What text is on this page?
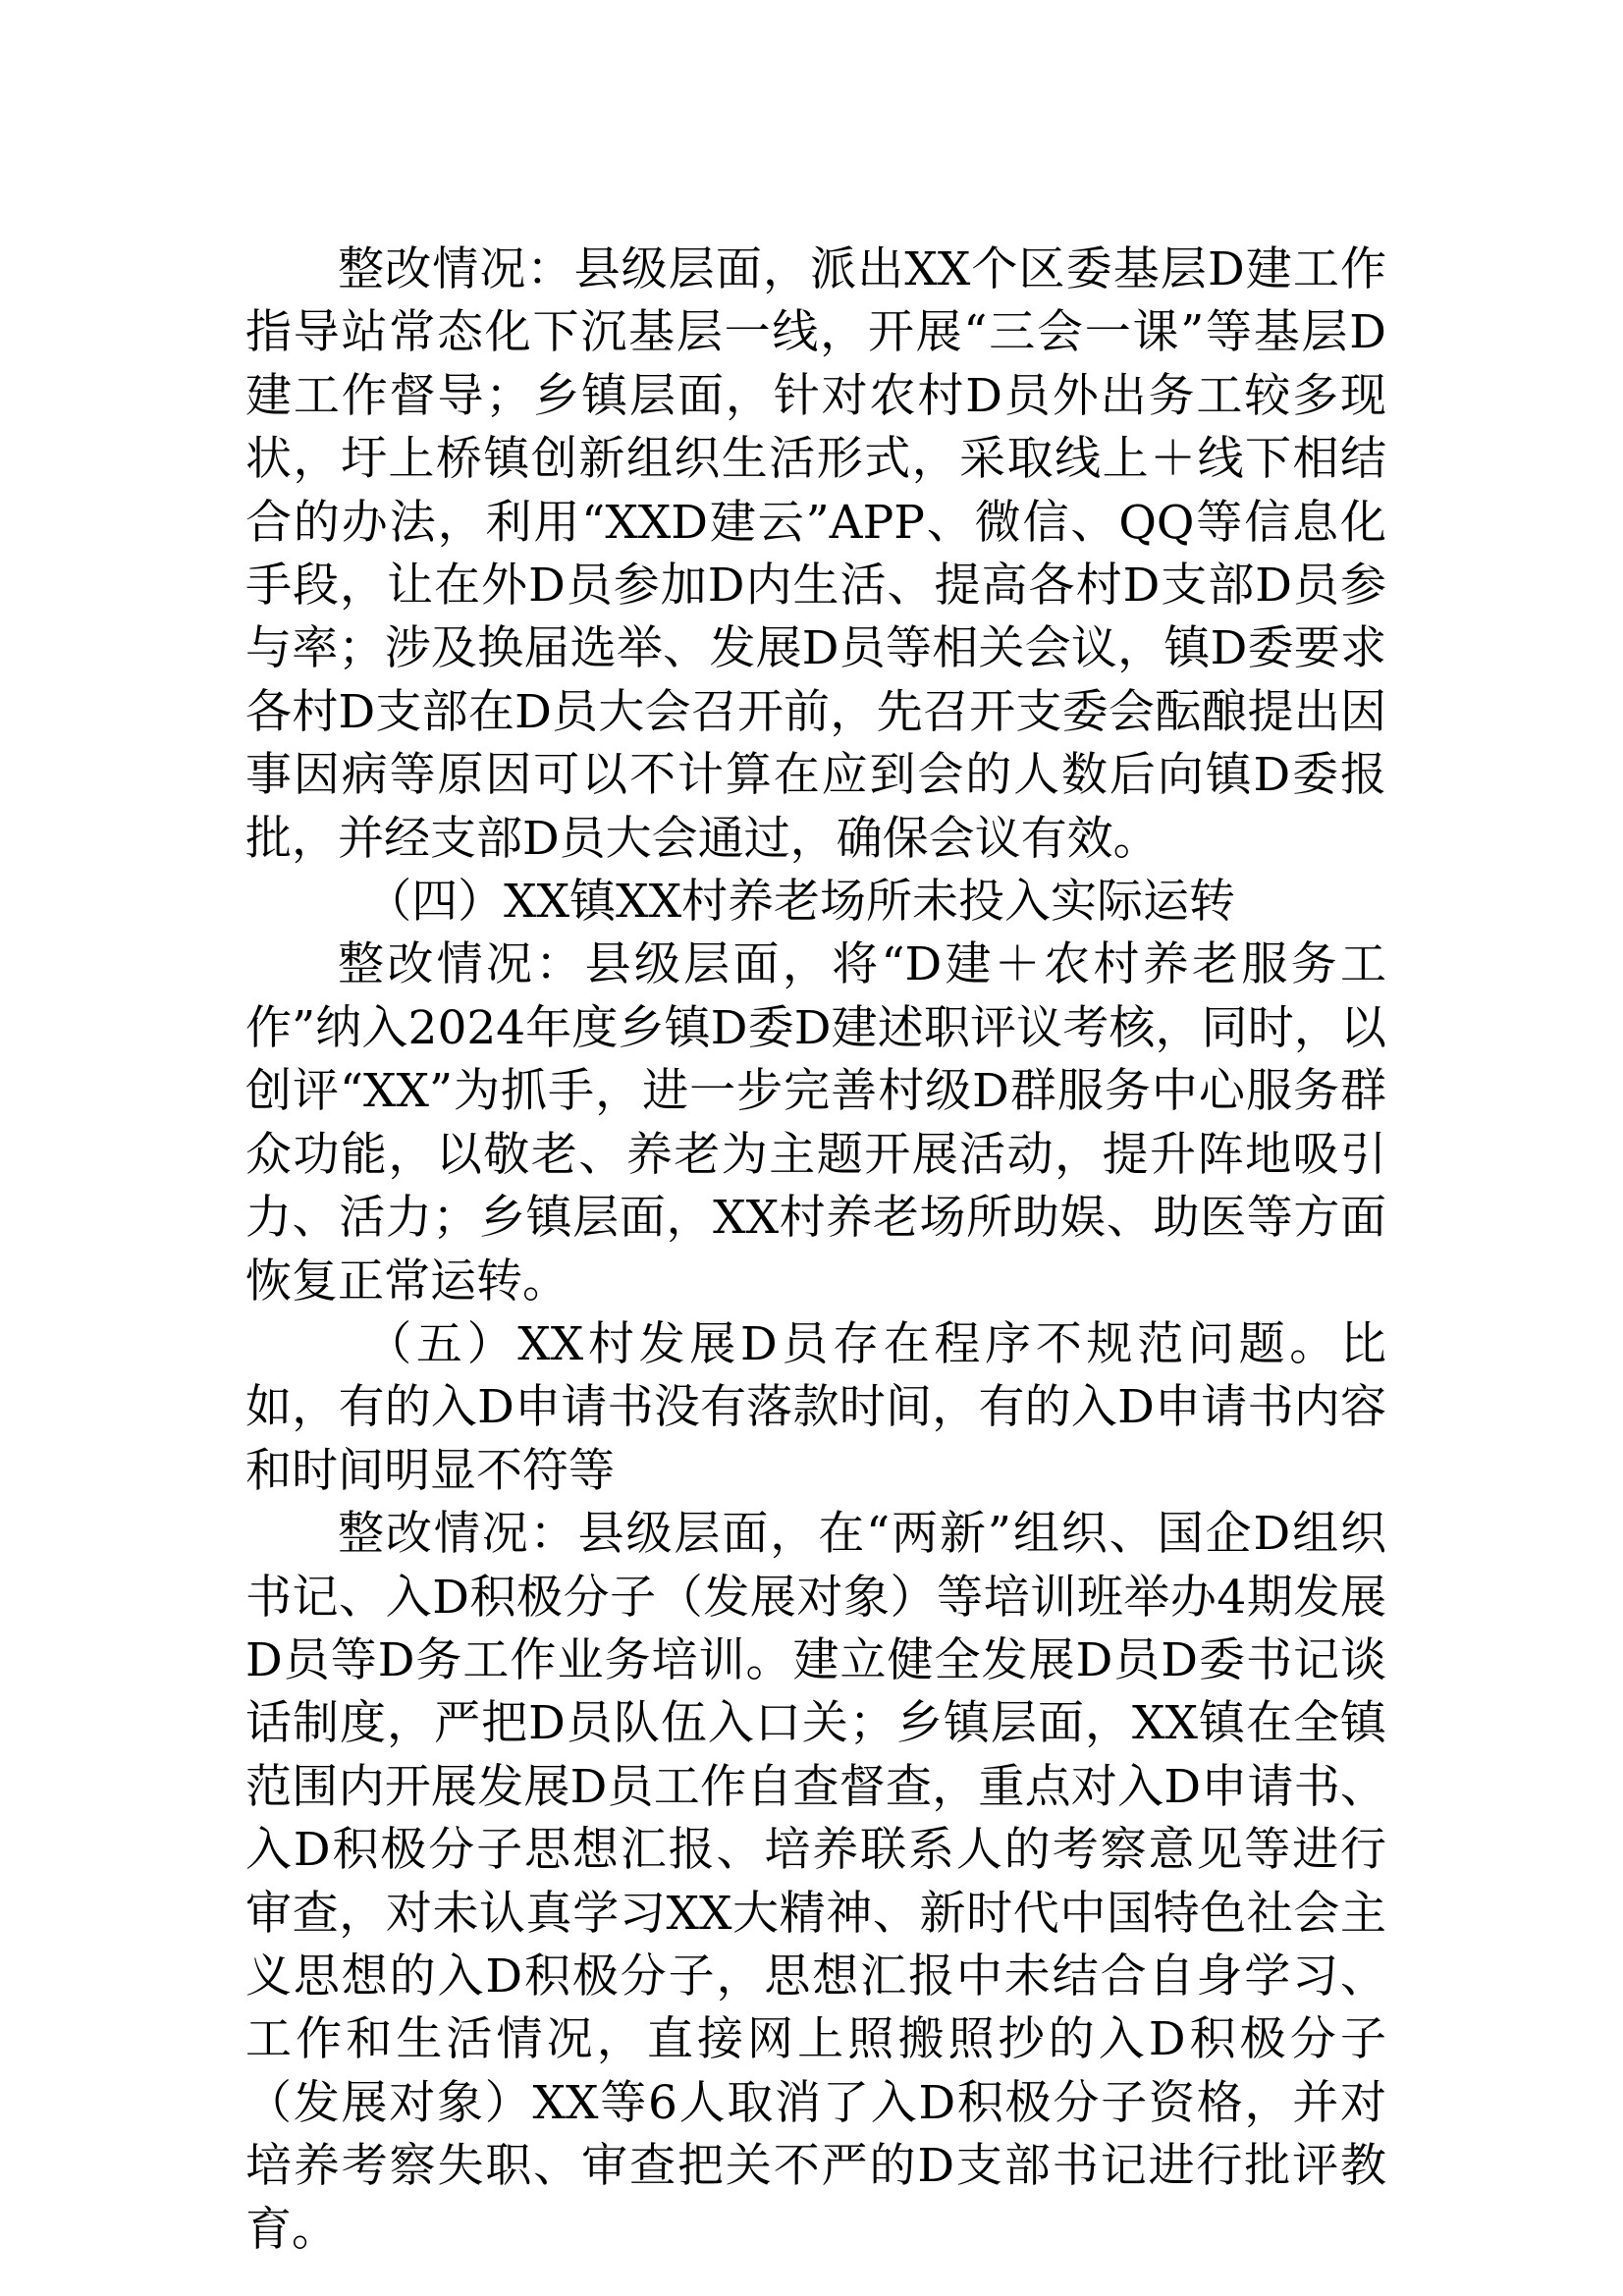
整改情况：县级层面，派出XX个区委基层D建工作指导站常态化下沉基层一线，开展“三会一课”等基层D建工作督导；乡镇层面，针对农村D员外出务工较多现状，圩上桥镇创新组织生活形式，采取线上＋线下相结合的办法，利用“XXD建云”APP、微信、QQ等信息化手段，让在外D员参加D内生活、提高各村D支部D员参与率；涉及换届选举、发展D员等相关会议，镇D委要求各村D支部在D员大会召开前，先召开支委会酝酿提出因事因病等原因可以不计算在应到会的人数后向镇D委报批，并经支部D员大会通过，确保会议有效。

（四）XX镇XX村养老场所未投入实际运转

整改情况：县级层面，将“D建＋农村养老服务工作”纳入2024年度乡镇D委D建述职评议考核，同时，以创评“XX”为抓手，进一步完善村级D群服务中心服务群众功能，以敬老、养老为主题开展活动，提升阵地吸引力、活力；乡镇层面，XX村养老场所助娱、助医等方面恢复正常运转。

（五）XX村发展D员存在程序不规范问题。比如，有的入D申请书没有落款时间，有的入D申请书内容和时间明显不符等

整改情况：县级层面，在“两新”组织、国企D组织书记、入D积极分子（发展对象）等培训班举办4期发展D员等D务工作业务培训。建立健全发展D员D委书记谈话制度，严把D员队伍入口关；乡镇层面，XX镇在全镇范围内开展发展D员工作自查督查，重点对入D申请书、入D积极分子思想汇报、培养联系人的考察意见等进行审查，对未认真学习XX大精神、新时代中国特色社会主义思想的入D积极分子，思想汇报中未结合自身学习、工作和生活情况，直接网上照搬照抄的入D积极分子（发展对象）XX等6人取消了入D积极分子资格，并对培养考察失职、审查把关不严的D支部书记进行批评教育。
